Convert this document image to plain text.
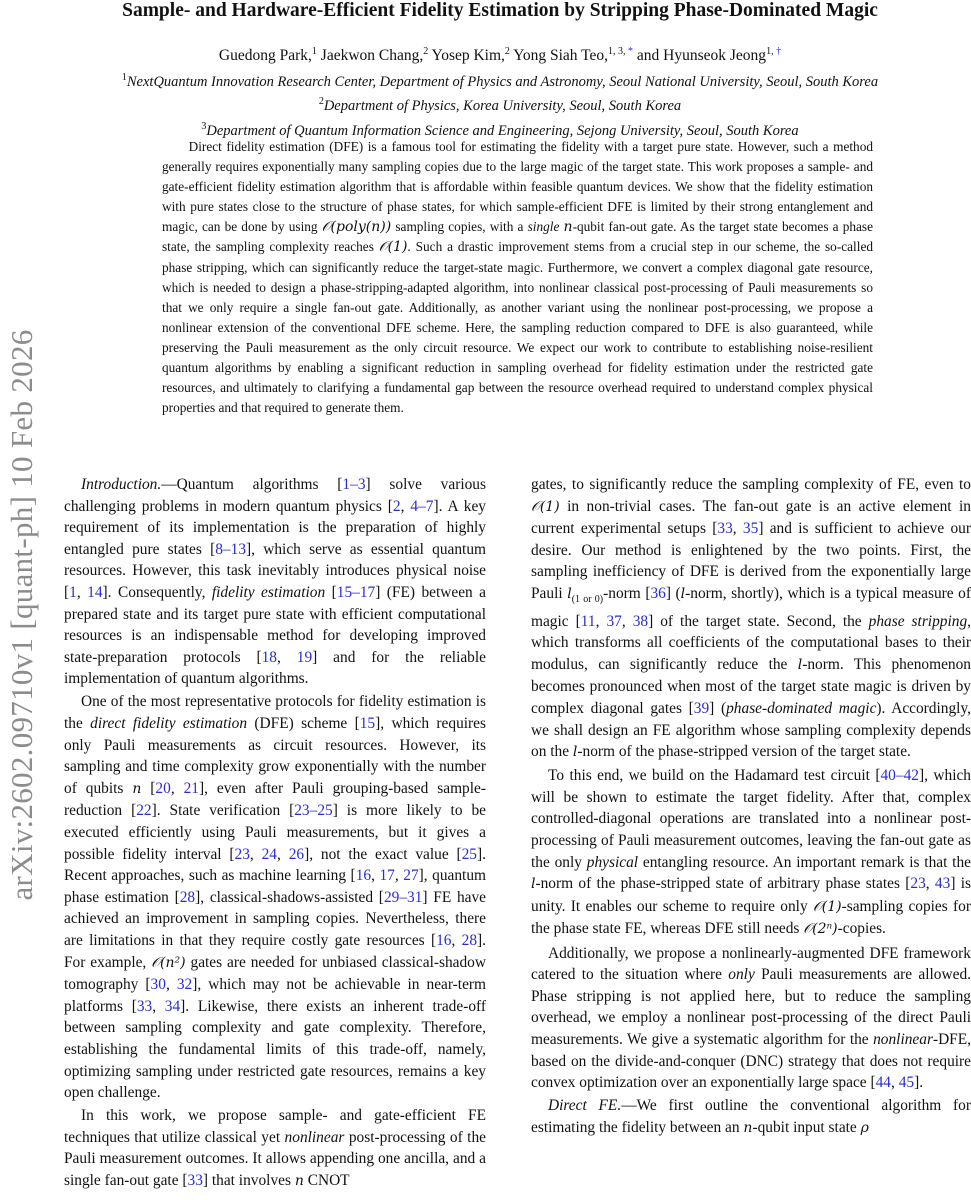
arXiv:2602.09710v1 [quant-ph] 10 Feb 2026
Sample- and Hardware-Efficient Fidelity Estimation by Stripping Phase-Dominated Magic
Guedong Park,$^1$ Jaekwon Chang,$^2$ Yosep Kim,$^2$ Yong Siah Teo,$^{1, 3, *}$ and Hyunseok Jeong$^{1, \dagger}$
$^1$NextQuantum Innovation Research Center, Department of Physics and Astronomy, Seoul National University, Seoul, South Korea
$^2$Department of Physics, Korea University, Seoul, South Korea
$^3$Department of Quantum Information Science and Engineering, Sejong University, Seoul, South Korea

Direct fidelity estimation (DFE) is a famous tool for estimating the fidelity with a target pure state. However, such a method generally requires exponentially many sampling copies due to the large magic of the target state. This work proposes a sample- and gate-efficient fidelity estimation algorithm that is affordable within feasible quantum devices. We show that the fidelity estimation with pure states close to the structure of phase states, for which sample-efficient DFE is limited by their strong entanglement and magic, can be done by using 𝒪(poly(n)) sampling copies, with a single n-qubit fan-out gate. As the target state becomes a phase state, the sampling complexity reaches 𝒪(1). Such a drastic improvement stems from a crucial step in our scheme, the so-called phase stripping, which can significantly reduce the target-state magic. Furthermore, we convert a complex diagonal gate resource, which is needed to design a phase-stripping-adapted algorithm, into nonlinear classical post-processing of Pauli measurements so that we only require a single fan-out gate. Additionally, as another variant using the nonlinear post-processing, we propose a nonlinear extension of the conventional DFE scheme. Here, the sampling reduction compared to DFE is also guaranteed, while preserving the Pauli measurement as the only circuit resource. We expect our work to contribute to establishing noise-resilient quantum algorithms by enabling a significant reduction in sampling overhead for fidelity estimation under the restricted gate resources, and ultimately to clarifying a fundamental gap between the resource overhead required to understand complex physical properties and that required to generate them.

Introduction.—Quantum algorithms [1–3] solve various challenging problems in modern quantum physics [2, 4–7]. A key requirement of its implementation is the preparation of highly entangled pure states [8–13], which serve as essential quantum resources. However, this task inevitably introduces physical noise [1, 14]. Consequently, fidelity estimation [15–17] (FE) between a prepared state and its target pure state with efficient computational resources is an indispensable method for developing improved state-preparation protocols [18, 19] and for the reliable implementation of quantum algorithms.

One of the most representative protocols for fidelity estimation is the direct fidelity estimation (DFE) scheme [15], which requires only Pauli measurements as circuit resources. However, its sampling and time complexity grow exponentially with the number of qubits n [20, 21], even after Pauli grouping-based sample-reduction [22]. State verification [23–25] is more likely to be executed efficiently using Pauli measurements, but it gives a possible fidelity interval [23, 24, 26], not the exact value [25]. Recent approaches, such as machine learning [16, 17, 27], quantum phase estimation [28], classical-shadows-assisted [29–31] FE have achieved an improvement in sampling copies. Nevertheless, there are limitations in that they require costly gate resources [16, 28]. For example, 𝒪(n²) gates are needed for unbiased classical-shadow tomography [30, 32], which may not be achievable in near-term platforms [33, 34]. Likewise, there exists an inherent trade-off between sampling complexity and gate complexity. Therefore, establishing the fundamental limits of this trade-off, namely, optimizing sampling under restricted gate resources, remains a key open challenge.

In this work, we propose sample- and gate-efficient FE techniques that utilize classical yet nonlinear post-processing of the Pauli measurement outcomes. It allows appending one ancilla, and a single fan-out gate [33] that involves n CNOT

gates, to significantly reduce the sampling complexity of FE, even to 𝒪(1) in non-trivial cases. The fan-out gate is an active element in current experimental setups [33, 35] and is sufficient to achieve our desire. Our method is enlightened by the two points. First, the sampling inefficiency of DFE is derived from the exponentially large Pauli $l_{(1 or 0)}$-norm [36] (l-norm, shortly), which is a typical measure of magic [11, 37, 38] of the target state. Second, the phase stripping, which transforms all coefficients of the computational bases to their modulus, can significantly reduce the l-norm. This phenomenon becomes pronounced when most of the target state magic is driven by complex diagonal gates [39] (phase-dominated magic). Accordingly, we shall design an FE algorithm whose sampling complexity depends on the l-norm of the phase-stripped version of the target state.

To this end, we build on the Hadamard test circuit [40–42], which will be shown to estimate the target fidelity. After that, complex controlled-diagonal operations are translated into a nonlinear post-processing of Pauli measurement outcomes, leaving the fan-out gate as the only physical entangling resource. An important remark is that the l-norm of the phase-stripped state of arbitrary phase states [23, 43] is unity. It enables our scheme to require only 𝒪(1)-sampling copies for the phase state FE, whereas DFE still needs 𝒪(2ⁿ)-copies.

Additionally, we propose a nonlinearly-augmented DFE framework catered to the situation where only Pauli measurements are allowed. Phase stripping is not applied here, but to reduce the sampling overhead, we employ a nonlinear post-processing of the direct Pauli measurements. We give a systematic algorithm for the nonlinear-DFE, based on the divide-and-conquer (DNC) strategy that does not require convex optimization over an exponentially large space [44, 45].

Direct FE.—We first outline the conventional algorithm for estimating the fidelity between an n-qubit input state ρ
